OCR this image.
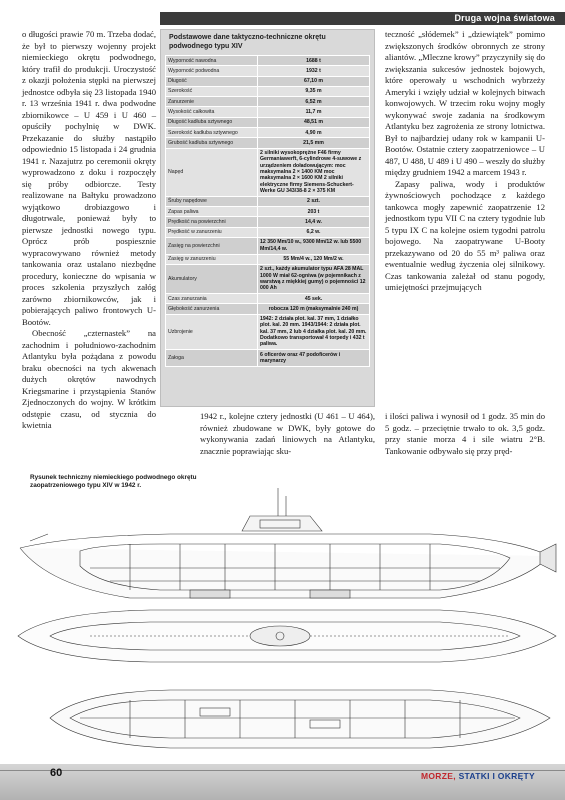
Druga wojna światowa

o długości prawie 70 m. Trzeba dodać, że był to pierwszy wojenny projekt niemieckiego okrętu podwodnego, który trafił do produkcji. Uroczystość z okazji położenia stępki na pierwszej jednostce odbyła się 23 listopada 1940 r. 13 września 1941 r. dwa podwodne zbiornikowce – U 459 i U 460 – opuściły pochylnię w DWK. Przekazanie do służby nastąpiło odpowiednio 15 listopada i 24 grudnia 1941 r. Nazajutrz po ceremonii okręty wyprowadzono z doku i rozpoczęły się próby odbiorcze. Testy realizowane na Bałtyku prowadzono wyjątkowo drobiazgowo i długotrwale, ponieważ były to pierwsze jednostki nowego typu. Oprócz prób pospiesznie wypracowywano również metody tankowania oraz ustalano niezbędne procedury, konieczne do wpisania w proces szkolenia przyszłych załóg zarówno zbiornikowców, jak i pobierających paliwo frontowych U-Bootów.

Obecność „czternastek” na zachodnim i południowo-zachodnim Atlantyku była pożądana z powodu braku obecności na tych akwenach dużych okrętów nawodnych Kriegsmarine i przystąpienia Stanów Zjednoczonych do wojny. W krótkim odstępie czasu, od stycznia do kwietnia

Podstawowe dane taktyczno-techniczne okrętu podwodnego typu XIV
Wyporność nawodna	1688 t
Wyporność podwodna	1932 t
Długość	67,10 m
Szerokość	9,35 m
Zanurzenie	6,52 m
Wysokość całkowita	11,7 m
Długość kadłuba sztywnego	48,51 m
Szerokość kadłuba sztywnego	4,90 m
Grubość kadłuba sztywnego	21,5 mm
Napęd	2 silniki wysokoprężne F46 firmy Germaniawerft, 6-cylindrowe 4-suwowe z urządzeniem doładowującym: moc maksymalna 2 × 1400 KM moc maksymalna 2 × 1600 KM 2 silniki elektryczne firmy Siemens-Schuckert-Werke GU 343/38-8 2 × 375 KM
Śruby napędowe	2 szt.
Zapas paliwa	203 t
Prędkość na powierzchni	14,4 w.
Prędkość w zanurzeniu	6,2 w.
Zasięg na powierzchni	12 350 Mm/10 w., 9300 Mm/12 w. lub 5500 Mm/14,4 w.
Zasięg w zanurzeniu	55 Mm/4 w., 120 Mm/2 w.
Akumulatory	2 szt., każdy akumulator typu AFA 28 MAL 1000 W miał 62-ogniwa (w pojemnikach z warstwą z miękkiej gumy) o pojemności 12 000 Ah
Czas zanurzania	45 sek.
Głębokość zanurzenia	robocza 120 m (maksymalnie 240 m)
Uzbrojenie	1942: 2 działa plot. kal. 37 mm, 1 działko plot. kal. 20 mm. 1943/1944: 2 działa plot. kal. 37 mm, 2 lub 4 działka plot. kal. 20 mm. Dodatkowo transportował 4 torpedy i 432 t paliwa.
Załoga	6 oficerów oraz 47 podoficerów i marynarzy

teczność „słódemek” i „dziewiątek” pomimo zwiększonych środków obronnych ze strony aliantów. „Mleczne krowy” przyczyniły się do zwiększania sukcesów jednostek bojowych, które operowały u wschodnich wybrzeży Ameryki i wzięły udział w kolejnych bitwach konwojowych. W trzecim roku wojny mogły wykonywać swoje zadania na środkowym Atlantyku bez zagrożenia ze strony lotnictwa. Był to najbardziej udany rok w kampanii U-Bootów. Ostatnie cztery zaopatrzeniowce – U 487, U 488, U 489 i U 490 – weszły do służby między grudniem 1942 a marcem 1943 r.

Zapasy paliwa, wody i produktów żywnościowych pochodzące z każdego tankowca mogły zapewnić zaopatrzenie 12 jednostkom typu VII C na cztery tygodnie lub 5 typu IX C na kolejne osiem tygodni patrolu bojowego. Na zaopatrywane U-Booty przekazywano od 20 do 55 m³ paliwa oraz ewentualnie według życzenia olej silnikowy. Czas tankowania zależał od stanu pogody, umiejętności przejmujących

1942 r., kolejne cztery jednostki (U 461 – U 464), również zbudowane w DWK, były gotowe do wykonywania zadań liniowych na Atlantyku, znacznie poprawiając sku-
i ilości paliwa i wynosił od 1 godz. 35 min do 5 godz. – przeciętnie trwało to ok. 3,5 godz. przy stanie morza 4 i sile wiatru 2°B. Tankowanie odbywało się przy pręd-
Rysunek techniczny niemieckiego podwodnego okrętu zaopatrzeniowego typu XIV w 1942 r.
60	MORZE, STATKI I OKRĘTY
